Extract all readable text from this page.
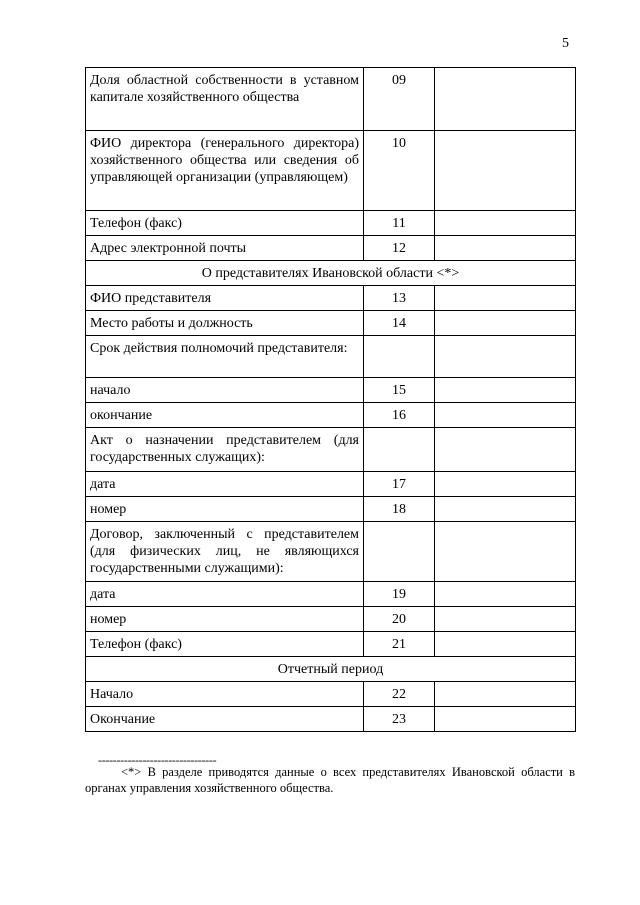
5
Доля областной собственности в уставном капитале хозяйственного общества	09	
ФИО директора (генерального директора) хозяйственного общества или сведения об управляющей организации (управляющем)	10	
Телефон (факс)	11	
Адрес электронной почты	12	
О представителях Ивановской области <*>		
ФИО представителя	13	
Место работы и должность	14	
Срок действия полномочий представителя:		
начало	15	
окончание	16	
Акт о назначении представителем (для государственных служащих):		
дата	17	
номер	18	
Договор, заключенный с представителем (для физических лиц, не являющихся государственными служащими):		
дата	19	
номер	20	
Телефон (факс)	21	
Отчетный период		
Начало	22	
Окончание	23	
--------------------------------
<*> В разделе приводятся данные о всех представителях Ивановской области в органах управления хозяйственного общества.
